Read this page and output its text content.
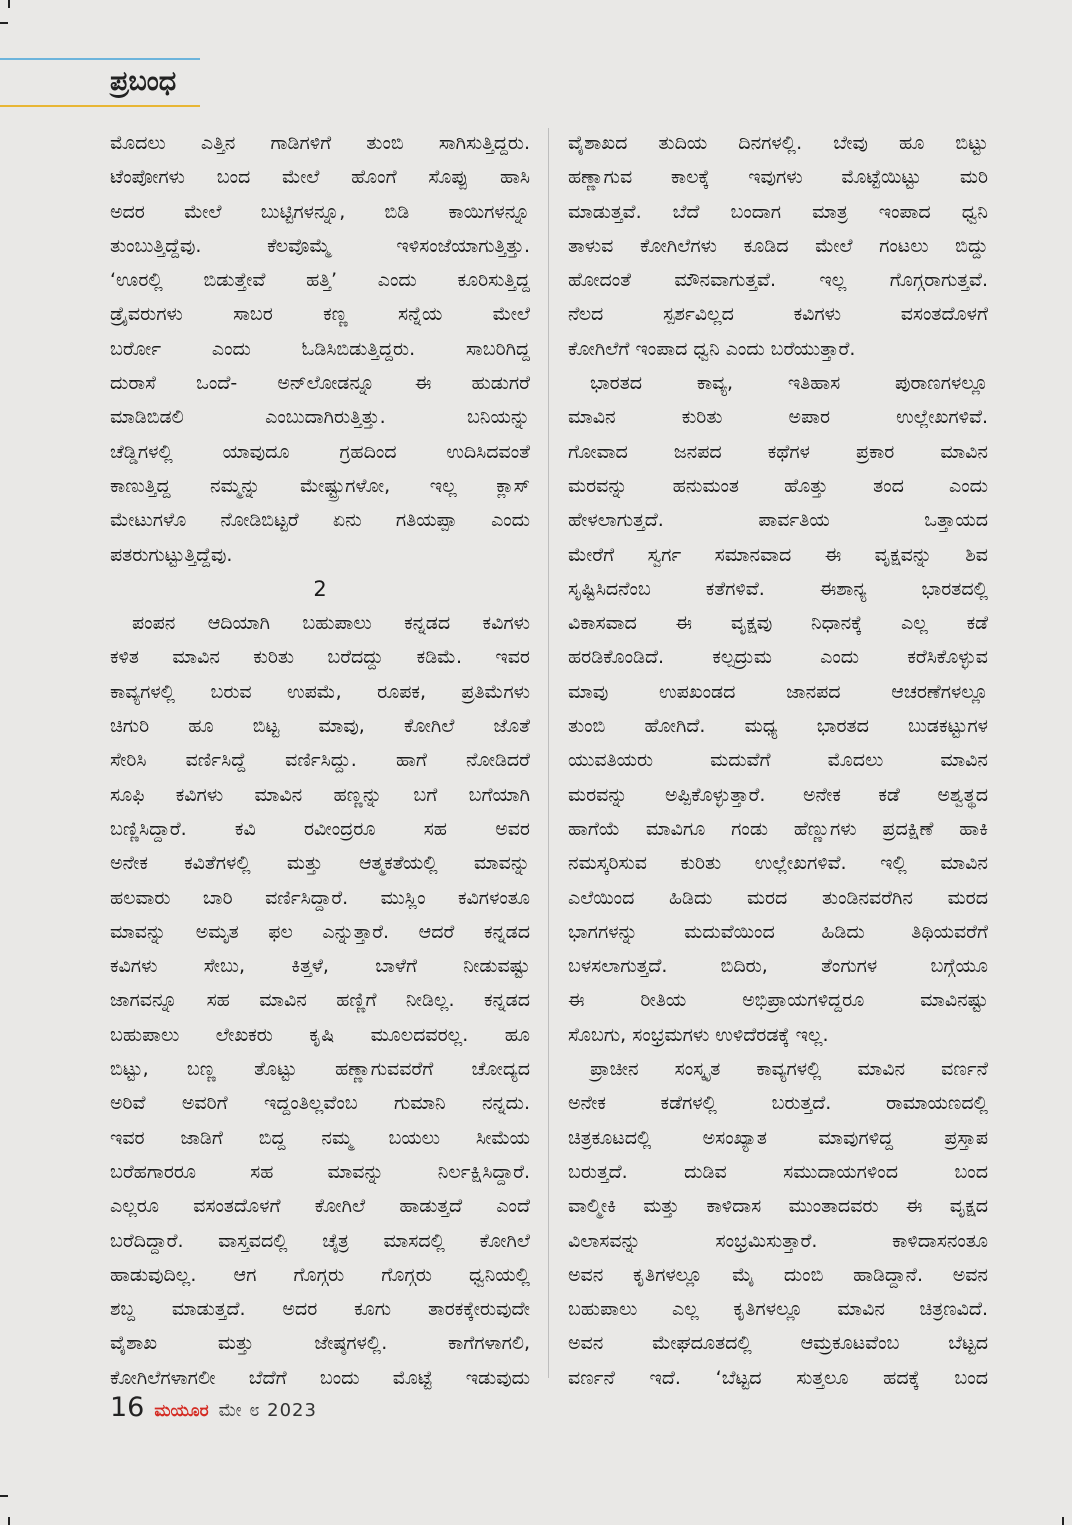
ಪ್ರಬಂಧ
ಮೊದಲು ಎತ್ತಿನ ಗಾಡಿಗಳಿಗೆ ತುಂಬಿ ಸಾಗಿಸುತ್ತಿದ್ದರು.
ಟೆಂಪೋಗಳು ಬಂದ ಮೇಲೆ ಹೊಂಗೆ ಸೊಪ್ಪು ಹಾಸಿ
ಅದರ ಮೇಲೆ ಬುಟ್ಟಿಗಳನ್ನೂ, ಬಿಡಿ ಕಾಯಿಗಳನ್ನೂ
ತುಂಬುತ್ತಿದ್ದೆವು. ಕೆಲವೊಮ್ಮೆ ಇಳಿಸಂಜೆಯಾಗುತ್ತಿತ್ತು.
‘ಊರಲ್ಲಿ ಬಿಡುತ್ತೇವೆ ಹತ್ತಿ’ ಎಂದು ಕೂರಿಸುತ್ತಿದ್ದ
ಡ್ರೈವರುಗಳು ಸಾಬರ ಕಣ್ಣ ಸನ್ನೆಯ ಮೇಲೆ
ಬರ್ರೋ ಎಂದು ಓಡಿಸಿಬಿಡುತ್ತಿದ್ದರು. ಸಾಬರಿಗಿದ್ದ
ದುರಾಸೆ ಒಂದೆ- ಅನ್‌ಲೋಡನ್ನೂ ಈ ಹುಡುಗರೆ
ಮಾಡಿಬಿಡಲಿ ಎಂಬುದಾಗಿರುತ್ತಿತ್ತು. ಬನಿಯನ್ನು
ಚೆಡ್ಡಿಗಳಲ್ಲಿ ಯಾವುದೂ ಗ್ರಹದಿಂದ ಉದಿಸಿದವಂತೆ
ಕಾಣುತ್ತಿದ್ದ ನಮ್ಮನ್ನು ಮೇಷ್ಟ್ರುಗಳೋ, ಇಲ್ಲ ಕ್ಲಾಸ್
ಮೇಟುಗಳೊ ನೋಡಿಬಿಟ್ಟರೆ ಏನು ಗತಿಯಪ್ಪಾ ಎಂದು
ಪತರುಗುಟ್ಟುತ್ತಿದ್ದೆವು.
2
ಪಂಪನ ಆದಿಯಾಗಿ ಬಹುಪಾಲು ಕನ್ನಡದ ಕವಿಗಳು
ಕಳಿತ ಮಾವಿನ ಕುರಿತು ಬರೆದದ್ದು ಕಡಿಮೆ. ಇವರ
ಕಾವ್ಯಗಳಲ್ಲಿ ಬರುವ ಉಪಮೆ, ರೂಪಕ, ಪ್ರತಿಮೆಗಳು
ಚಿಗುರಿ ಹೂ ಬಿಟ್ಟ ಮಾವು, ಕೋಗಿಲೆ ಜೊತೆ
ಸೇರಿಸಿ ವರ್ಣಿಸಿದ್ದೆ ವರ್ಣಿಸಿದ್ದು. ಹಾಗೆ ನೋಡಿದರೆ
ಸೂಫಿ ಕವಿಗಳು ಮಾವಿನ ಹಣ್ಣನ್ನು ಬಗೆ ಬಗೆಯಾಗಿ
ಬಣ್ಣಿಸಿದ್ದಾರೆ. ಕವಿ ರವೀಂದ್ರರೂ ಸಹ ಅವರ
ಅನೇಕ ಕವಿತೆಗಳಲ್ಲಿ ಮತ್ತು ಆತ್ಮಕತೆಯಲ್ಲಿ ಮಾವನ್ನು
ಹಲವಾರು ಬಾರಿ ವರ್ಣಿಸಿದ್ದಾರೆ. ಮುಸ್ಲಿಂ ಕವಿಗಳಂತೂ
ಮಾವನ್ನು ಅಮೃತ ಫಲ ಎನ್ನುತ್ತಾರೆ. ಆದರೆ ಕನ್ನಡದ
ಕವಿಗಳು ಸೇಬು, ಕಿತ್ತಳೆ, ಬಾಳೆಗೆ ನೀಡುವಷ್ಟು
ಜಾಗವನ್ನೂ ಸಹ ಮಾವಿನ ಹಣ್ಣಿಗೆ ನೀಡಿಲ್ಲ. ಕನ್ನಡದ
ಬಹುಪಾಲು ಲೇಖಕರು ಕೃಷಿ ಮೂಲದವರಲ್ಲ. ಹೂ
ಬಿಟ್ಟು, ಬಣ್ಣ ತೊಟ್ಟು ಹಣ್ಣಾಗುವವರೆಗೆ ಚೋದ್ಯದ
ಅರಿವೆ ಅವರಿಗೆ ಇದ್ದಂತಿಲ್ಲವೆಂಬ ಗುಮಾನಿ ನನ್ನದು.
ಇವರ ಜಾಡಿಗೆ ಬಿದ್ದ ನಮ್ಮ ಬಯಲು ಸೀಮೆಯ
ಬರೆಹಗಾರರೂ ಸಹ ಮಾವನ್ನು ನಿರ್ಲಕ್ಷಿಸಿದ್ದಾರೆ.
ಎಲ್ಲರೂ ವಸಂತದೊಳಗೆ ಕೋಗಿಲೆ ಹಾಡುತ್ತದೆ ಎಂದೆ
ಬರೆದಿದ್ದಾರೆ. ವಾಸ್ತವದಲ್ಲಿ ಚೈತ್ರ ಮಾಸದಲ್ಲಿ ಕೋಗಿಲೆ
ಹಾಡುವುದಿಲ್ಲ. ಆಗ ಗೊಗ್ಗರು ಗೊಗ್ಗರು ಧ್ವನಿಯಲ್ಲಿ
ಶಬ್ದ ಮಾಡುತ್ತದೆ. ಅದರ ಕೂಗು ತಾರಕಕ್ಕೇರುವುದೇ
ವೈಶಾಖ ಮತ್ತು ಜೇಷ್ಠಗಳಲ್ಲಿ. ಕಾಗೆಗಳಾಗಲಿ,
ಕೋಗಿಲೆಗಳಾಗಲೀ ಬೆದೆಗೆ ಬಂದು ಮೊಟ್ಟೆ ಇಡುವುದು
ವೈಶಾಖದ ತುದಿಯ ದಿನಗಳಲ್ಲಿ. ಬೇವು ಹೂ ಬಿಟ್ಟು
ಹಣ್ಣಾಗುವ ಕಾಲಕ್ಕೆ ಇವುಗಳು ಮೊಟ್ಟೆಯಿಟ್ಟು ಮರಿ
ಮಾಡುತ್ತವೆ. ಬೆದೆ ಬಂದಾಗ ಮಾತ್ರ ಇಂಪಾದ ಧ್ವನಿ
ತಾಳುವ ಕೋಗಿಲೆಗಳು ಕೂಡಿದ ಮೇಲೆ ಗಂಟಲು ಬಿದ್ದು
ಹೋದಂತೆ ಮೌನವಾಗುತ್ತವೆ. ಇಲ್ಲ ಗೊಗ್ಗರಾಗುತ್ತವೆ.
ನೆಲದ ಸ್ಪರ್ಶವಿಲ್ಲದ ಕವಿಗಳು ವಸಂತದೊಳಗೆ
ಕೋಗಿಲೆಗೆ ಇಂಪಾದ ಧ್ವನಿ ಎಂದು ಬರೆಯುತ್ತಾರೆ.
ಭಾರತದ ಕಾವ್ಯ, ಇತಿಹಾಸ ಪುರಾಣಗಳಲ್ಲೂ
ಮಾವಿನ ಕುರಿತು ಅಪಾರ ಉಲ್ಲೇಖಗಳಿವೆ.
ಗೋವಾದ ಜನಪದ ಕಥೆಗಳ ಪ್ರಕಾರ ಮಾವಿನ
ಮರವನ್ನು ಹನುಮಂತ ಹೊತ್ತು ತಂದ ಎಂದು
ಹೇಳಲಾಗುತ್ತದೆ. ಪಾರ್ವತಿಯ ಒತ್ತಾಯದ
ಮೇರೆಗೆ ಸ್ವರ್ಗ ಸಮಾನವಾದ ಈ ವೃಕ್ಷವನ್ನು ಶಿವ
ಸೃಷ್ಟಿಸಿದನೆಂಬ ಕತೆಗಳಿವೆ. ಈಶಾನ್ಯ ಭಾರತದಲ್ಲಿ
ವಿಕಾಸವಾದ ಈ ವೃಕ್ಷವು ನಿಧಾನಕ್ಕೆ ಎಲ್ಲ ಕಡೆ
ಹರಡಿಕೊಂಡಿದೆ. ಕಲ್ಪದ್ರುಮ ಎಂದು ಕರೆಸಿಕೊಳ್ಳುವ
ಮಾವು ಉಪಖಂಡದ ಜಾನಪದ ಆಚರಣೆಗಳಲ್ಲೂ
ತುಂಬಿ ಹೋಗಿದೆ. ಮಧ್ಯ ಭಾರತದ ಬುಡಕಟ್ಟುಗಳ
ಯುವತಿಯರು ಮದುವೆಗೆ ಮೊದಲು ಮಾವಿನ
ಮರವನ್ನು ಅಪ್ಪಿಕೊಳ್ಳುತ್ತಾರೆ. ಅನೇಕ ಕಡೆ ಅಶ್ವತ್ಥದ
ಹಾಗೆಯೆ ಮಾವಿಗೂ ಗಂಡು ಹೆಣ್ಣುಗಳು ಪ್ರದಕ್ಷಿಣೆ ಹಾಕಿ
ನಮಸ್ಕರಿಸುವ ಕುರಿತು ಉಲ್ಲೇಖಗಳಿವೆ. ಇಲ್ಲಿ ಮಾವಿನ
ಎಲೆಯಿಂದ ಹಿಡಿದು ಮರದ ತುಂಡಿನವರೆಗಿನ ಮರದ
ಭಾಗಗಳನ್ನು ಮದುವೆಯಿಂದ ಹಿಡಿದು ತಿಥಿಯವರೆಗೆ
ಬಳಸಲಾಗುತ್ತದೆ. ಬಿದಿರು, ತೆಂಗುಗಳ ಬಗ್ಗೆಯೂ
ಈ ರೀತಿಯ ಅಭಿಪ್ರಾಯಗಳಿದ್ದರೂ ಮಾವಿನಷ್ಟು
ಸೊಬಗು, ಸಂಭ್ರಮಗಳು ಉಳಿದೆರಡಕ್ಕೆ ಇಲ್ಲ.
ಪ್ರಾಚೀನ ಸಂಸ್ಕೃತ ಕಾವ್ಯಗಳಲ್ಲಿ ಮಾವಿನ ವರ್ಣನೆ
ಅನೇಕ ಕಡೆಗಳಲ್ಲಿ ಬರುತ್ತದೆ. ರಾಮಾಯಣದಲ್ಲಿ
ಚಿತ್ರಕೂಟದಲ್ಲಿ ಅಸಂಖ್ಯಾತ ಮಾವುಗಳಿದ್ದ ಪ್ರಸ್ತಾಪ
ಬರುತ್ತದೆ. ದುಡಿವ ಸಮುದಾಯಗಳಿಂದ ಬಂದ
ವಾಲ್ಮೀಕಿ ಮತ್ತು ಕಾಳಿದಾಸ ಮುಂತಾದವರು ಈ ವೃಕ್ಷದ
ವಿಲಾಸವನ್ನು ಸಂಭ್ರಮಿಸುತ್ತಾರೆ. ಕಾಳಿದಾಸನಂತೂ
ಅವನ ಕೃತಿಗಳಲ್ಲೂ ಮೈ ದುಂಬಿ ಹಾಡಿದ್ದಾನೆ. ಅವನ
ಬಹುಪಾಲು ಎಲ್ಲ ಕೃತಿಗಳಲ್ಲೂ ಮಾವಿನ ಚಿತ್ರಣವಿದೆ.
ಅವನ ಮೇಘದೂತದಲ್ಲಿ ಆಮ್ರಕೂಟವೆಂಬ ಬೆಟ್ಟದ
ವರ್ಣನೆ ಇದೆ. ‘ಬೆಟ್ಟದ ಸುತ್ತಲೂ ಹದಕ್ಕೆ ಬಂದ
16 ಮಯೂರ ಮೇ ೮ 2023
